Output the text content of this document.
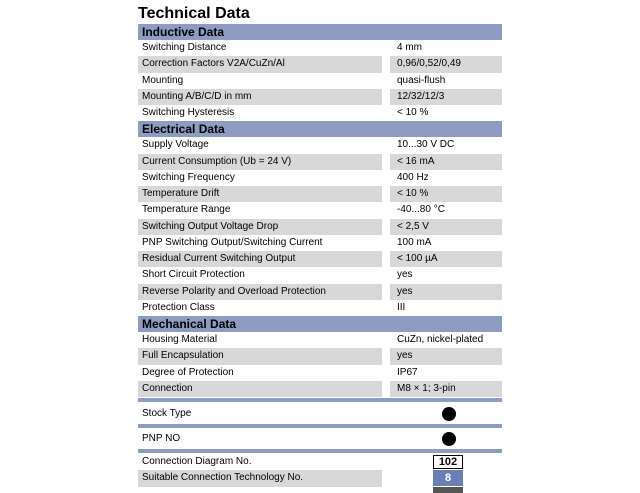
Technical Data
Inductive Data
Switching Distance	4 mm
Correction Factors V2A/CuZn/Al	0,96/0,52/0,49
Mounting	quasi-flush
Mounting A/B/C/D in mm	12/32/12/3
Switching Hysteresis	< 10 %
Electrical Data
Supply Voltage	10...30 V DC
Current Consumption (Ub = 24 V)	< 16 mA
Switching Frequency	400 Hz
Temperature Drift	< 10 %
Temperature Range	-40...80 °C
Switching Output Voltage Drop	< 2,5 V
PNP Switching Output/Switching Current	100 mA
Residual Current Switching Output	< 100 µA
Short Circuit Protection	yes
Reverse Polarity and Overload Protection	yes
Protection Class	III
Mechanical Data
Housing Material	CuZn, nickel-plated
Full Encapsulation	yes
Degree of Protection	IP67
Connection	M8 × 1; 3-pin
Stock Type
PNP NO
Connection Diagram No.	102
Suitable Connection Technology No.	8
